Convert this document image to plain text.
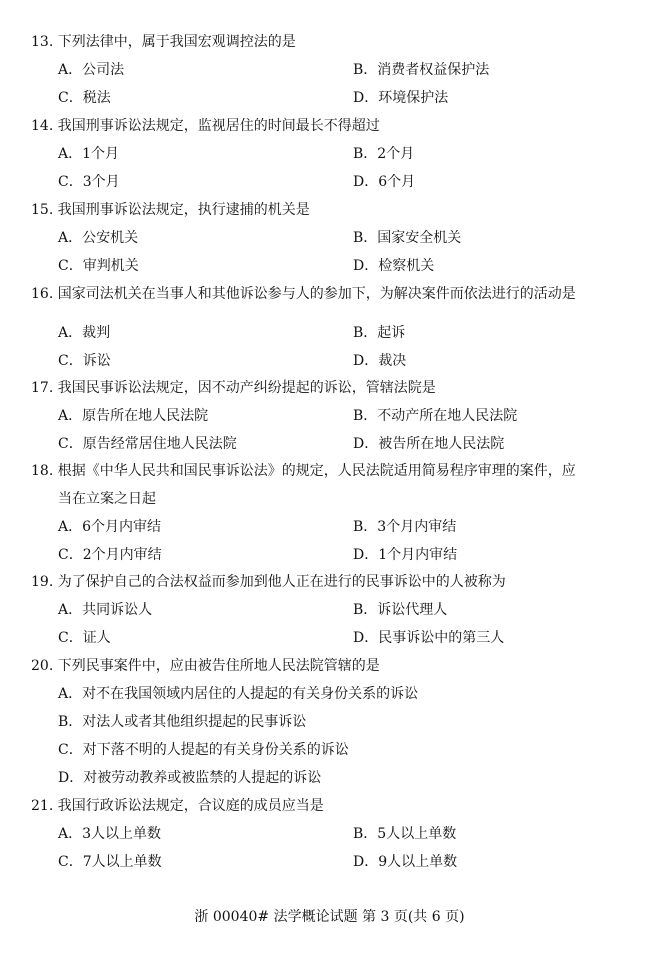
13. 下列法律中，属于我国宏观调控法的是
A．公司法	B．消费者权益保护法
C．税法	D．环境保护法
14. 我国刑事诉讼法规定，监视居住的时间最长不得超过
A．1个月	B．2个月
C．3个月	D．6个月
15. 我国刑事诉讼法规定，执行逮捕的机关是
A．公安机关	B．国家安全机关
C．审判机关	D．检察机关
16. 国家司法机关在当事人和其他诉讼参与人的参加下，为解决案件而依法进行的活动是
A．裁判	B．起诉
C．诉讼	D．裁决
17. 我国民事诉讼法规定，因不动产纠纷提起的诉讼，管辖法院是
A．原告所在地人民法院	B．不动产所在地人民法院
C．原告经常居住地人民法院	D．被告所在地人民法院
18. 根据《中华人民共和国民事诉讼法》的规定，人民法院适用简易程序审理的案件，应
当在立案之日起
A．6个月内审结	B．3个月内审结
C．2个月内审结	D．1个月内审结
19. 为了保护自己的合法权益而参加到他人正在进行的民事诉讼中的人被称为
A．共同诉讼人	B．诉讼代理人
C．证人	D．民事诉讼中的第三人
20. 下列民事案件中，应由被告住所地人民法院管辖的是
A．对不在我国领域内居住的人提起的有关身份关系的诉讼
B．对法人或者其他组织提起的民事诉讼
C．对下落不明的人提起的有关身份关系的诉讼
D．对被劳动教养或被监禁的人提起的诉讼
21. 我国行政诉讼法规定，合议庭的成员应当是
A．3人以上单数	B．5人以上单数
C．7人以上单数	D．9人以上单数
浙 00040# 法学概论试题 第 3 页(共 6 页)
